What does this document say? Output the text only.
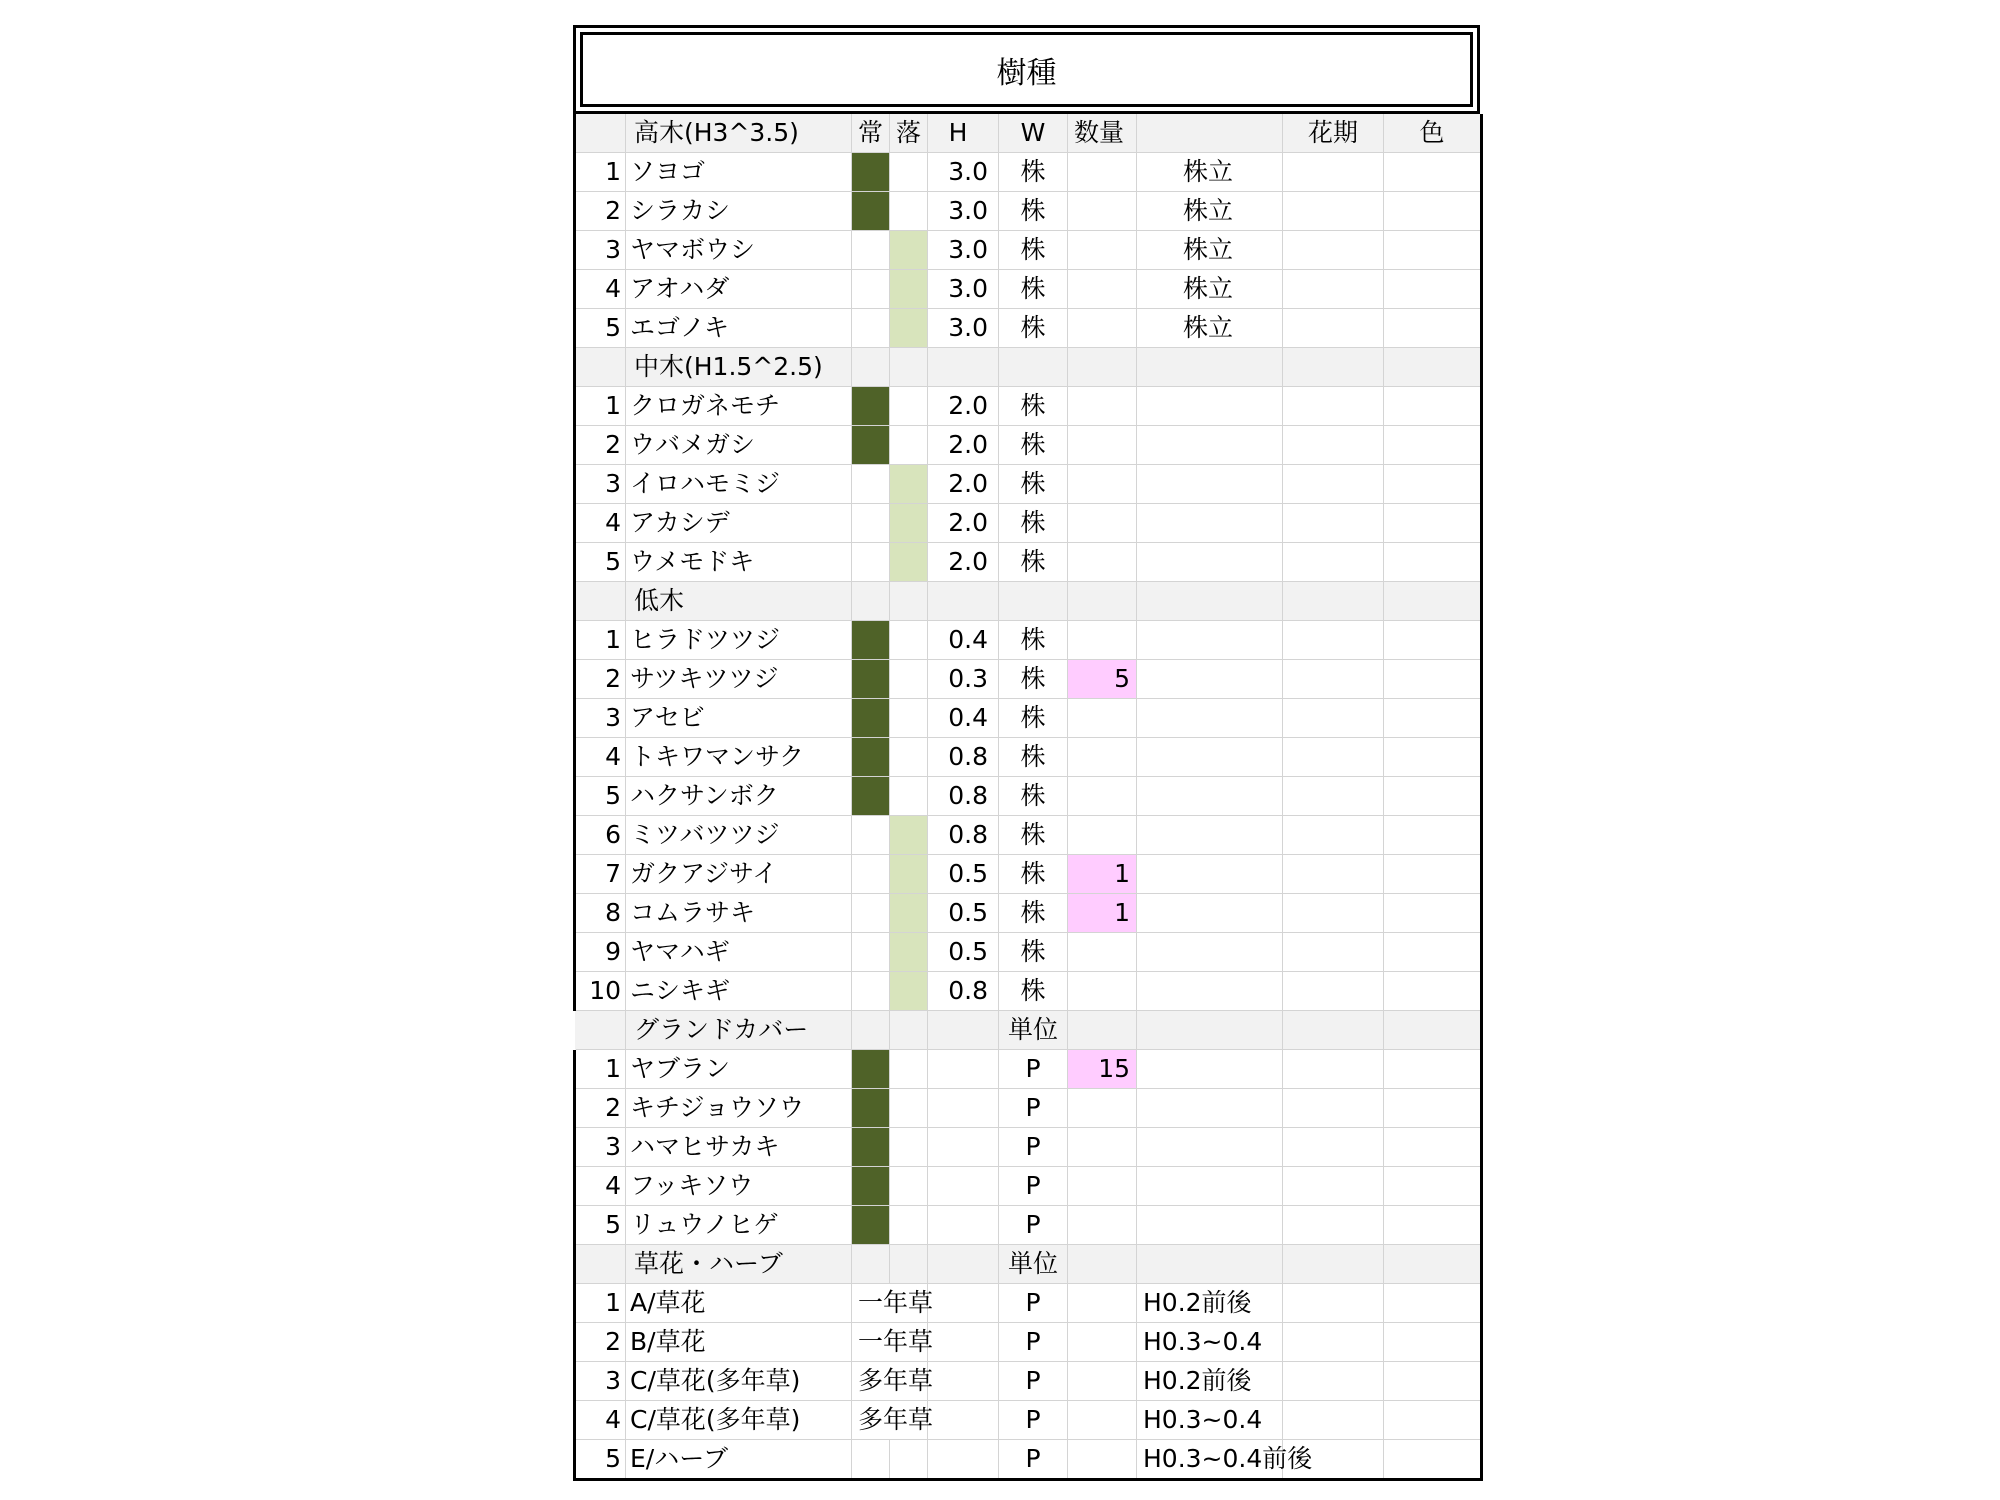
樹種
	高木(H3^3.5)	常	落	H	W	数量		花期	色
1	ソヨゴ			3.0	株		株立		
2	シラカシ			3.0	株		株立		
3	ヤマボウシ			3.0	株		株立		
4	アオハダ			3.0	株		株立		
5	エゴノキ			3.0	株		株立		
	中木(H1.5^2.5)								
1	クロガネモチ			2.0	株				
2	ウバメガシ			2.0	株				
3	イロハモミジ			2.0	株				
4	アカシデ			2.0	株				
5	ウメモドキ			2.0	株				
	低木								
1	ヒラドツツジ			0.4	株				
2	サツキツツジ			0.3	株	5			
3	アセビ			0.4	株				
4	トキワマンサク			0.8	株				
5	ハクサンボク			0.8	株				
6	ミツバツツジ			0.8	株				
7	ガクアジサイ			0.5	株	1			
8	コムラサキ			0.5	株	1			
9	ヤマハギ			0.5	株				
10	ニシキギ			0.8	株				
	グランドカバー				単位				
1	ヤブラン				P	15			
2	キチジョウソウ				P				
3	ハマヒサカキ				P				
4	フッキソウ				P				
5	リュウノヒゲ				P				
	草花・ハーブ				単位				
1	A/草花	一年草			P		H0.2前後		
2	B/草花	一年草			P		H0.3~0.4		
3	C/草花(多年草)	多年草			P		H0.2前後		
4	C/草花(多年草)	多年草			P		H0.3~0.4		
5	E/ハーブ				P		H0.3~0.4前後		
